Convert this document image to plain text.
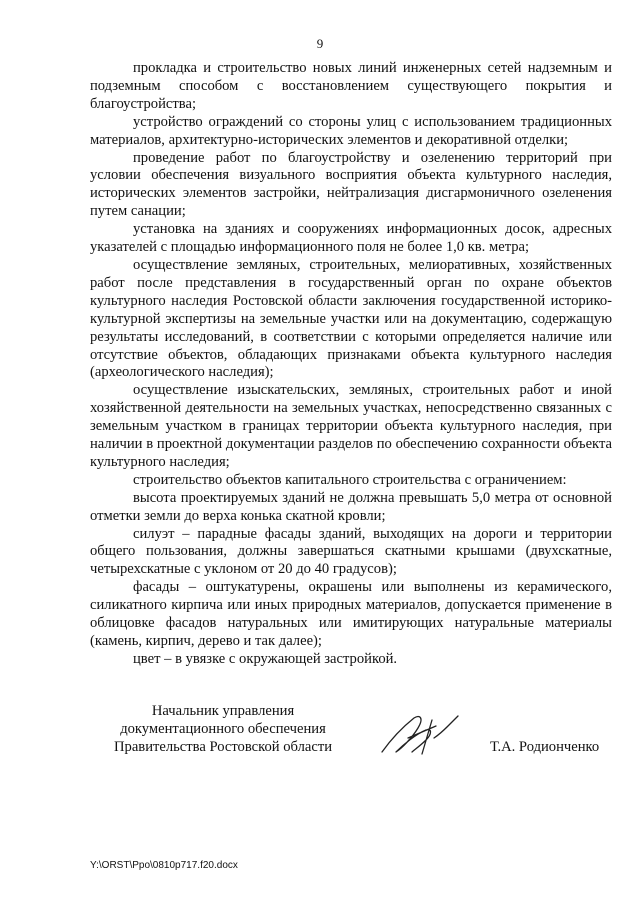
9

прокладка и строительство новых линий инженерных сетей надземным и подземным способом с восстановлением существующего покрытия и благоустройства;

устройство ограждений со стороны улиц с использованием традиционных материалов, архитектурно-исторических элементов и декоративной отделки;

проведение работ по благоустройству и озеленению территорий при условии обеспечения визуального восприятия объекта культурного наследия, исторических элементов застройки, нейтрализация дисгармоничного озеленения путем санации;

установка на зданиях и сооружениях информационных досок, адресных указателей с площадью информационного поля не более 1,0 кв. метра;

осуществление земляных, строительных, мелиоративных, хозяйственных работ после представления в государственный орган по охране объектов культурного наследия Ростовской области заключения государственной историко-культурной экспертизы на земельные участки или на документацию, содержащую результаты исследований, в соответствии с которыми определяется наличие или отсутствие объектов, обладающих признаками объекта культурного наследия (археологического наследия);

осуществление изыскательских, земляных, строительных работ и иной хозяйственной деятельности на земельных участках, непосредственно связанных с земельным участком в границах территории объекта культурного наследия, при наличии в проектной документации разделов по обеспечению сохранности объекта культурного наследия;

строительство объектов капитального строительства с ограничением:

высота проектируемых зданий не должна превышать 5,0 метра от основной отметки земли до верха конька скатной кровли;

силуэт – парадные фасады зданий, выходящих на дороги и территории общего пользования, должны завершаться скатными крышами (двухскатные, четырехскатные с уклоном от 20 до 40 градусов);

фасады – оштукатурены, окрашены или выполнены из керамического, силикатного кирпича или иных природных материалов, допускается применение в облицовке фасадов натуральных или имитирующих натуральные материалы (камень, кирпич, дерево и так далее);

цвет – в увязке с окружающей застройкой.

Начальник управления
документационного обеспечения
Правительства Ростовской области	Т.А. Родионченко
Y:\ORST\Ppo\0810p717.f20.docx
